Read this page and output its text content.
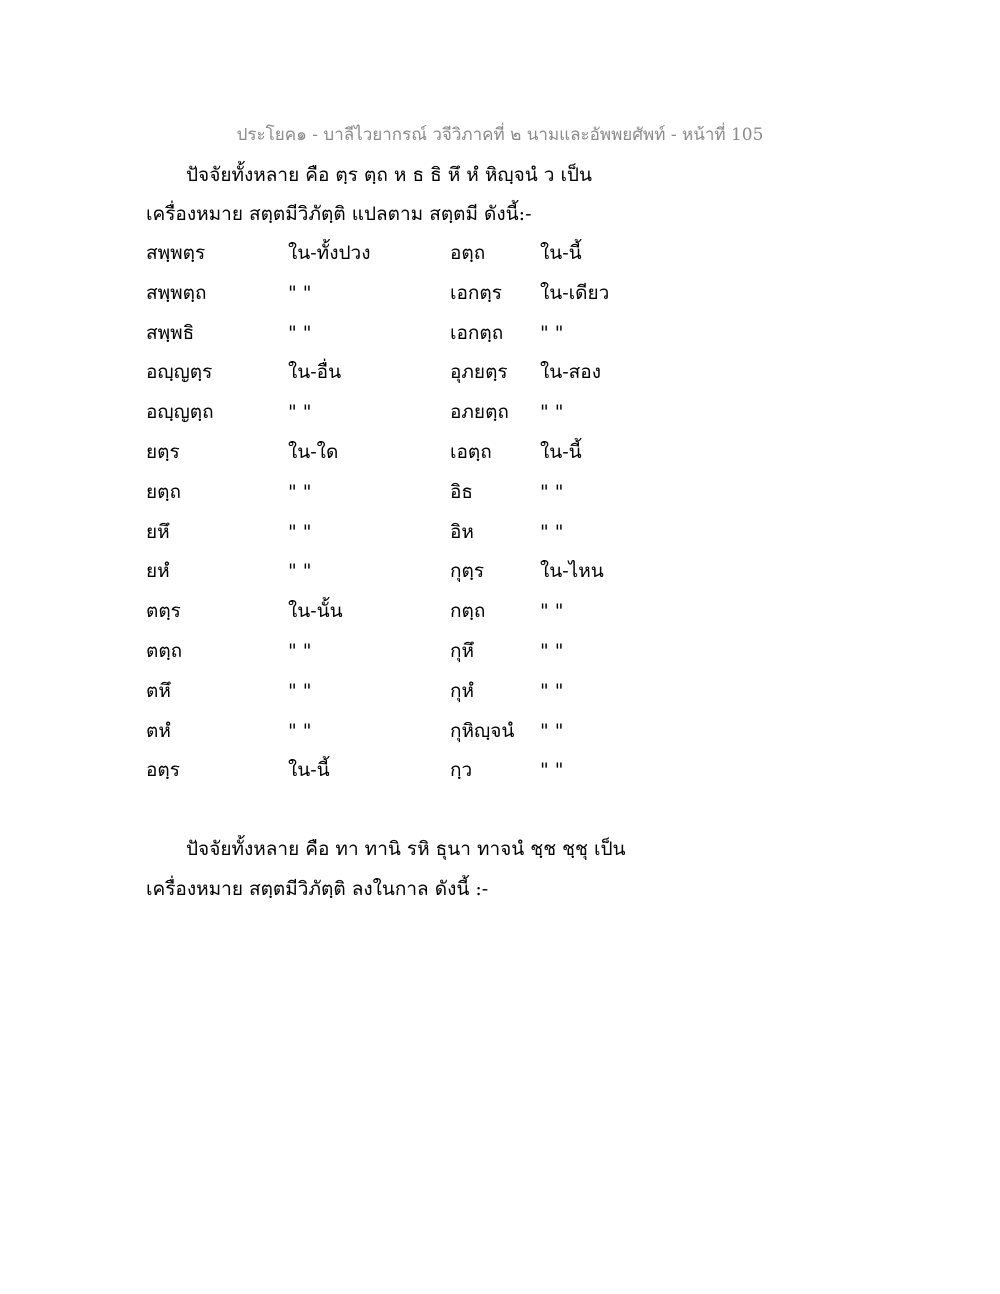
ประโยค๑ - บาลีไวยากรณ์ วจีวิภาคที่ ๒ นามและอัพพยศัพท์ - หน้าที่ 105
ปัจจัยทั้งหลาย คือ ตฺร ตฺถ ห ธ ธิ หึ หํ หิญฺจนํ ว เป็น
เครื่องหมาย สตฺตมีวิภัตฺติ แปลตาม สตฺตมี ดังนี้:-
สพฺพตฺร	ใน-ทั้งปวง	อตฺถ	ใน-นี้
สพฺพตฺถ	" "	เอกตฺร ใน-เดียว
สพฺพธิ	" "	เอกตฺถ " "
อญฺญตฺร	ใน-อื่น	อุภยตฺร ใน-สอง
อญฺญตฺถ	" "	อภยตฺถ " "
ยตฺร	ใน-ใด	เอตฺถ	ใน-นี้
ยตฺถ	" "	อิธ	" "
ยหึ	" "	อิห	" "
ยหํ	" "	กุตฺร	ใน-ไหน
ตตฺร	ใน-นั้น	กตฺถ	" "
ตตฺถ	" "	กุหึ	" "
ตหึ	" "	กุหํ	" "
ตหํ	" "	กุหิญฺจนํ " "
อตฺร	ใน-นี้	กฺว	" "
ปัจจัยทั้งหลาย คือ ทา ทานิ รหิ ธุนา ทาจนํ ชฺช ชฺชุ เป็น
เครื่องหมาย สตฺตมีวิภัตฺติ ลงในกาล ดังนี้ :-
